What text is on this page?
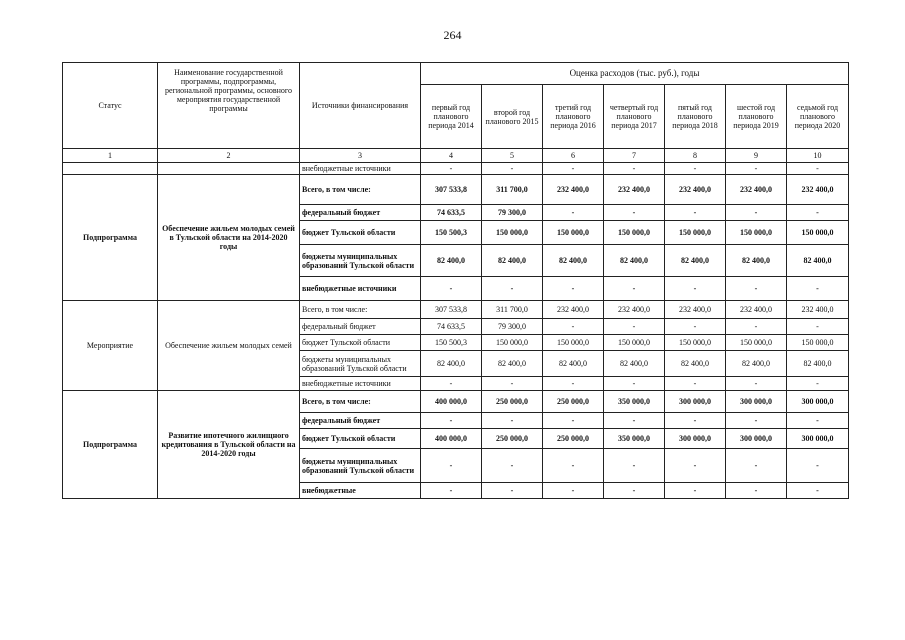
264
Статус	Наименование государственной программы, подпрограммы, региональной программы, основного мероприятия государственной программы	Источники финансирования	Оценка расходов (тыс. руб.), годы						
			первый год планового периода 2014	второй год планового 2015	третий год планового периода 2016	четвертый год планового периода 2017	пятый год планового периода 2018	шестой год планового периода 2019	седьмой год планового периода 2020
1	2	3	4	5	6	7	8	9	10
		внебюджетные источники	-	-	-	-	-	-	-
Подпрограмма	Обеспечение жильем молодых семей в Тульской области на 2014-2020 годы	Всего, в том числе:	307 533,8	311 700,0	232 400,0	232 400,0	232 400,0	232 400,0	232 400,0
		федеральный бюджет	74 633,5	79 300,0	-	-	-	-	-
		бюджет Тульской области	150 500,3	150 000,0	150 000,0	150 000,0	150 000,0	150 000,0	150 000,0
		бюджеты муниципальных образований Тульской области	82 400,0	82 400,0	82 400,0	82 400,0	82 400,0	82 400,0	82 400,0
		внебюджетные источники	-	-	-	-	-	-	-
Мероприятие	Обеспечение жильем молодых семей	Всего, в том числе:	307 533,8	311 700,0	232 400,0	232 400,0	232 400,0	232 400,0	232 400,0
		федеральный бюджет	74 633,5	79 300,0	-	-	-	-	-
		бюджет Тульской области	150 500,3	150 000,0	150 000,0	150 000,0	150 000,0	150 000,0	150 000,0
		бюджеты муниципальных образований Тульской области	82 400,0	82 400,0	82 400,0	82 400,0	82 400,0	82 400,0	82 400,0
		внебюджетные источники	-	-	-	-	-	-	-
Подпрограмма	Развитие ипотечного жилищного кредитования в Тульской области на 2014-2020 годы	Всего, в том числе:	400 000,0	250 000,0	250 000,0	350 000,0	300 000,0	300 000,0	300 000,0
		федеральный бюджет	-	-	-	-	-	-	-
		бюджет Тульской области	400 000,0	250 000,0	250 000,0	350 000,0	300 000,0	300 000,0	300 000,0
		бюджеты муниципальных образований Тульской области	-	-	-	-	-	-	-
		внебюджетные	-	-	-	-	-	-	-
